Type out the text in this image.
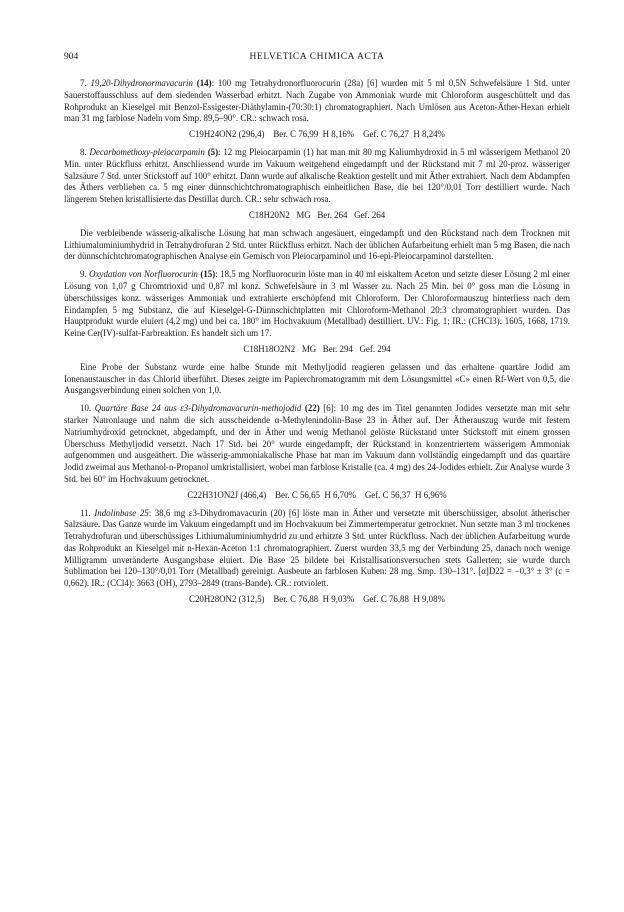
904	HELVETICA CHIMICA ACTA

7. 19,20-Dihydronormavacurin (14): 100 mg Tetrahydronorfluorocurin (28a) [6] wurden mit 5 ml 0,5N Schwefelsäure 1 Std. unter Sauerstoffausschluss auf dem siedenden Wasserbad erhitzt. Nach Zugabe von Ammoniak wurde mit Chloroform ausgeschüttelt und das Rohprodukt an Kieselgel mit Benzol-Essigester-Diäthylamin-(70:30:1) chromatographiert. Nach Umlösen aus Aceton-Äther-Hexan erhielt man 31 mg farblose Nadeln vom Smp. 89,5–90°. CR.: schwach rosa.

C19H24ON2 (296,4)    Ber. C 76,99  H 8,16%    Gef. C 76,27  H 8,24%

8. Decarbomethoxy-pleiocarpamin (5): 12 mg Pleiocarpamin (1) hat man mit 80 mg Kaliumhydroxid in 5 ml wässerigem Methanol 20 Min. unter Rückfluss erhitzt. Anschliessend wurde im Vakuum weitgehend eingedampft und der Rückstand mit 7 ml 20-proz. wässeriger Salzsäure 7 Std. unter Stickstoff auf 100° erhitzt. Dann wurde auf alkalische Reaktion gestellt und mit Äther extrahiert. Nach dem Abdampfen des Äthers verblieben ca. 5 mg einer dünnschichtchromatographisch einheitlichen Base, die bei 120°/0,01 Torr destilliert wurde. Nach längerem Stehen kristallisierte das Destillat durch. CR.: sehr schwach rosa.

C18H20N2   MG   Ber. 264   Gef. 264

Die verbleibende wässerig-alkalische Lösung hat man schwach angesäuert, eingedampft und den Rückstand nach dem Trocknen mit Lithiumaluminiumhydrid in Tetrahydrofuran 2 Std. unter Rückfluss erhitzt. Nach der üblichen Aufarbeitung erhielt man 5 mg Basen, die nach der dünnschichtchromatographischen Analyse ein Gemisch von Pleiocarpaminol und 16-epi-Pleiocarpaminol darstellten.

9. Oxydation von Norfluorocurin (15): 18,5 mg Norfluorocurin löste man in 40 ml eiskaltem Aceton und setzte dieser Lösung 2 ml einer Lösung von 1,07 g Chromtrioxid und 0,87 ml konz. Schwefelsäure in 3 ml Wasser zu. Nach 25 Min. bei 0° goss man die Lösung in überschüssiges konz. wässeriges Ammoniak und extrahierte erschöpfend mit Chloroform. Der Chloroformauszug hinterliess nach dem Eindampfen 5 mg Substanz, die auf Kieselgel-G-Dünnschichtplatten mit Chloroform-Methanol 20:3 chromatographiert wurden. Das Hauptprodukt wurde eluiert (4,2 mg) und bei ca. 180° im Hochvakuum (Metallbad) destilliert. UV.: Fig. 1; IR.: (CHCl3): 1605, 1668, 1719. Keine Cer(IV)-sulfat-Farbreaktion. Es handelt sich um 17.

C18H18O2N2   MG   Ber. 294   Gef. 294

Eine Probe der Substanz wurde eine halbe Stunde mit Methyljodid reagieren gelassen und das erhaltene quartäre Jodid am Ionenaustauscher in das Chlorid überführt. Dieses zeigte im Papierchromatogramm mit dem Lösungsmittel «C» einen Rf-Wert von 0,5, die Ausgangsverbindung einen solchen von 1,0.

10. Quartäre Base 24 aus ε3-Dihydromavacurin-methojodid (22) [6]: 10 mg des im Titel genannten Jodides versetzte man mit sehr starker Natronlauge und nahm die sich ausscheidende α-Methylenindolin-Base 23 in Äther auf. Der Ätherauszug wurde mit festem Natriumhydroxid getrocknet, abgedampft, und der in Äther und wenig Methanol gelöste Rückstand unter Stickstoff mit einem grossen Überschuss Methyljodid versetzt. Nach 17 Std. bei 20° wurde eingedampft, der Rückstand in konzentriertem wässerigem Ammoniak aufgenommen und ausgeäthert. Die wässerig-ammoniakalische Phase hat man im Vakuum dann vollständig eingedampft und das quartäre Jodid zweimal aus Methanol-n-Propanol umkristallisiert, wobei man farblose Kristalle (ca. 4 mg) des 24-Jodides erhielt. Zur Analyse wurde 3 Std. bei 60° im Hochvakuum getrocknet.

C22H31ON2J (466,4)    Ber. C 56,65  H 6,70%    Gef. C 56,37  H 6,96%

11. Indolinbase 25: 38,6 mg ε3-Dihydromavacurin (20) [6] löste man in Äther und versetzte mit überschüssiger, absolut ätherischer Salzsäure. Das Ganze wurde im Vakuum eingedampft und im Hochvakuum bei Zimmertemperatur getrocknet. Nun setzte man 3 ml trockenes Tetrahydrofuran und überschüssiges Lithiumaluminiumhydrid zu und erhitzte 3 Std. unter Rückfluss. Nach der üblichen Aufarbeitung wurde das Rohprodukt an Kieselgel mit n-Hexan-Aceton 1:1 chromatographiert. Zuerst wurden 33,5 mg der Verbindung 25, danach noch wenige Milligramm unveränderte Ausgangsbase eluiert. Die Base 25 bildete bei Kristallisationsversuchen stets Gallerten; sie wurde durch Sublimation bei 120–130°/0,01 Torr (Metallbad) gereinigt. Ausbeute an farblosen Kuben: 28 mg. Smp. 130–131°. [α]D22 = −0,3° ± 3° (c = 0,662). IR.: (CCl4): 3663 (OH), 2793–2849 (trans-Bande). CR.: rotviolett.

C20H28ON2 (312,5)    Ber. C 76,88  H 9,03%    Gef. C 76,88  H 9,08%
